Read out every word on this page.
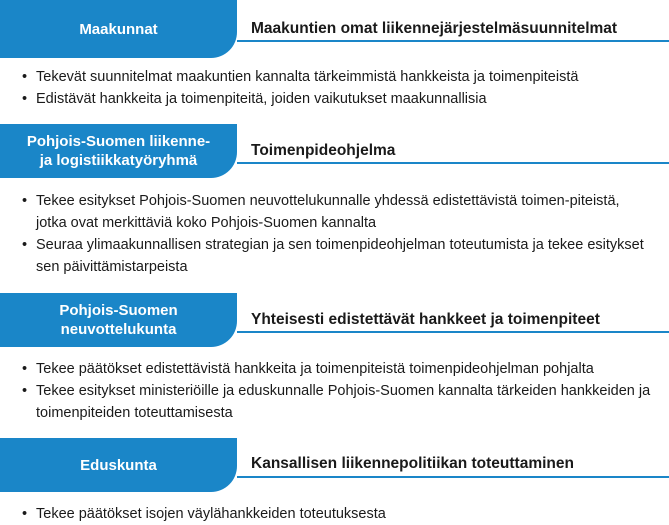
Maakunnat	Maakuntien omat liikennejärjestelmäsuunnitelmat
• Tekevät suunnitelmat maakuntien kannalta tärkeimmistä hankkeista ja toimenpiteistä
• Edistävät hankkeita ja toimenpiteitä, joiden vaikutukset maakunnallisia
Pohjois-Suomen liikenne-
ja logistiikkatyöryhmä
Toimenpideohjelma
• Tekee esitykset Pohjois-Suomen neuvottelukunnalle yhdessä edistettävistä toimen-piteistä, jotka ovat merkittäviä koko Pohjois-Suomen kannalta
• Seuraa ylimaakunnallisen strategian ja sen toimenpideohjelman toteutumista ja tekee esitykset sen päivittämistarpeista
Pohjois-Suomen
neuvottelukunta
Yhteisesti edistettävät hankkeet ja toimenpiteet
• Tekee päätökset edistettävistä hankkeita ja toimenpiteistä toimenpideohjelman pohjalta
• Tekee esitykset ministeriöille ja eduskunnalle Pohjois-Suomen kannalta tärkeiden hankkeiden ja toimenpiteiden toteuttamisesta
Eduskunta	Kansallisen liikennepolitiikan toteuttaminen
• Tekee päätökset isojen väylähankkeiden toteutuksesta
